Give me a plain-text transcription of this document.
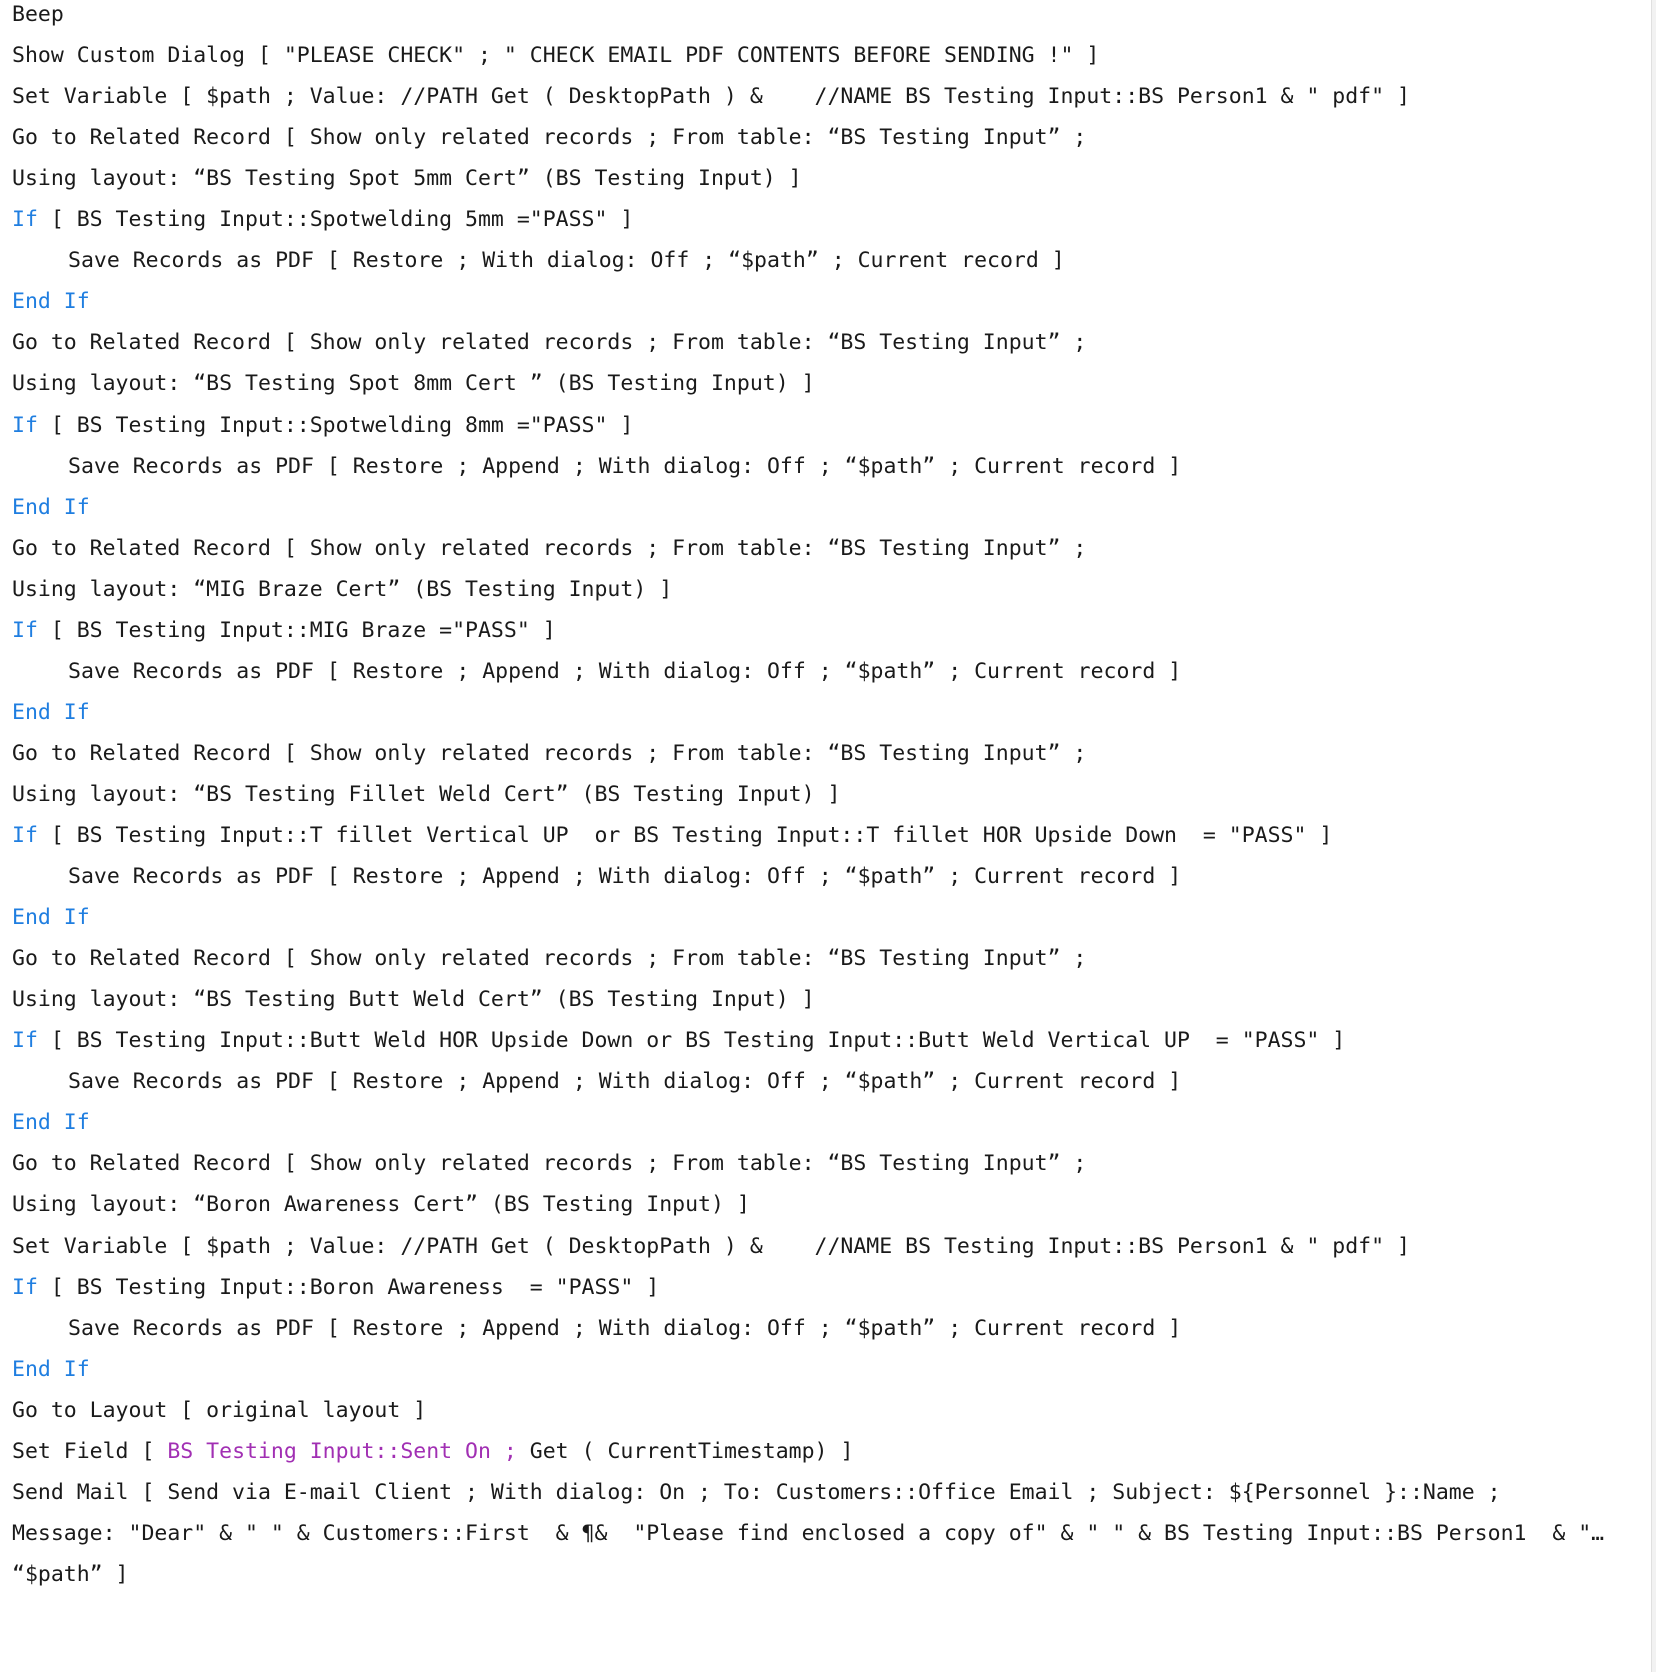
Beep
Show Custom Dialog [ "PLEASE CHECK" ; " CHECK EMAIL PDF CONTENTS BEFORE SENDING !" ]
Set Variable [ $path ; Value: //PATH Get ( DesktopPath ) &    //NAME BS Testing Input::BS Person1 & " pdf" ]
Go to Related Record [ Show only related records ; From table: “BS Testing Input” ;
Using layout: “BS Testing Spot 5mm Cert” (BS Testing Input) ]
If [ BS Testing Input::Spotwelding 5mm ="PASS" ]
Save Records as PDF [ Restore ; With dialog: Off ; “$path” ; Current record ]
End If
Go to Related Record [ Show only related records ; From table: “BS Testing Input” ;
Using layout: “BS Testing Spot 8mm Cert ” (BS Testing Input) ]
If [ BS Testing Input::Spotwelding 8mm ="PASS" ]
Save Records as PDF [ Restore ; Append ; With dialog: Off ; “$path” ; Current record ]
End If
Go to Related Record [ Show only related records ; From table: “BS Testing Input” ;
Using layout: “MIG Braze Cert” (BS Testing Input) ]
If [ BS Testing Input::MIG Braze ="PASS" ]
Save Records as PDF [ Restore ; Append ; With dialog: Off ; “$path” ; Current record ]
End If
Go to Related Record [ Show only related records ; From table: “BS Testing Input” ;
Using layout: “BS Testing Fillet Weld Cert” (BS Testing Input) ]
If [ BS Testing Input::T fillet Vertical UP  or BS Testing Input::T fillet HOR Upside Down  = "PASS" ]
Save Records as PDF [ Restore ; Append ; With dialog: Off ; “$path” ; Current record ]
End If
Go to Related Record [ Show only related records ; From table: “BS Testing Input” ;
Using layout: “BS Testing Butt Weld Cert” (BS Testing Input) ]
If [ BS Testing Input::Butt Weld HOR Upside Down or BS Testing Input::Butt Weld Vertical UP  = "PASS" ]
Save Records as PDF [ Restore ; Append ; With dialog: Off ; “$path” ; Current record ]
End If
Go to Related Record [ Show only related records ; From table: “BS Testing Input” ;
Using layout: “Boron Awareness Cert” (BS Testing Input) ]
Set Variable [ $path ; Value: //PATH Get ( DesktopPath ) &    //NAME BS Testing Input::BS Person1 & " pdf" ]
If [ BS Testing Input::Boron Awareness  = "PASS" ]
Save Records as PDF [ Restore ; Append ; With dialog: Off ; “$path” ; Current record ]
End If
Go to Layout [ original layout ]
Set Field [ BS Testing Input::Sent On ; Get ( CurrentTimestamp) ]
Send Mail [ Send via E-mail Client ; With dialog: On ; To: Customers::Office Email ; Subject: ${Personnel }::Name ;
Message: "Dear" & " " & Customers::First  & ¶&  "Please find enclosed a copy of" & " " & BS Testing Input::BS Person1  & "…
“$path” ]
